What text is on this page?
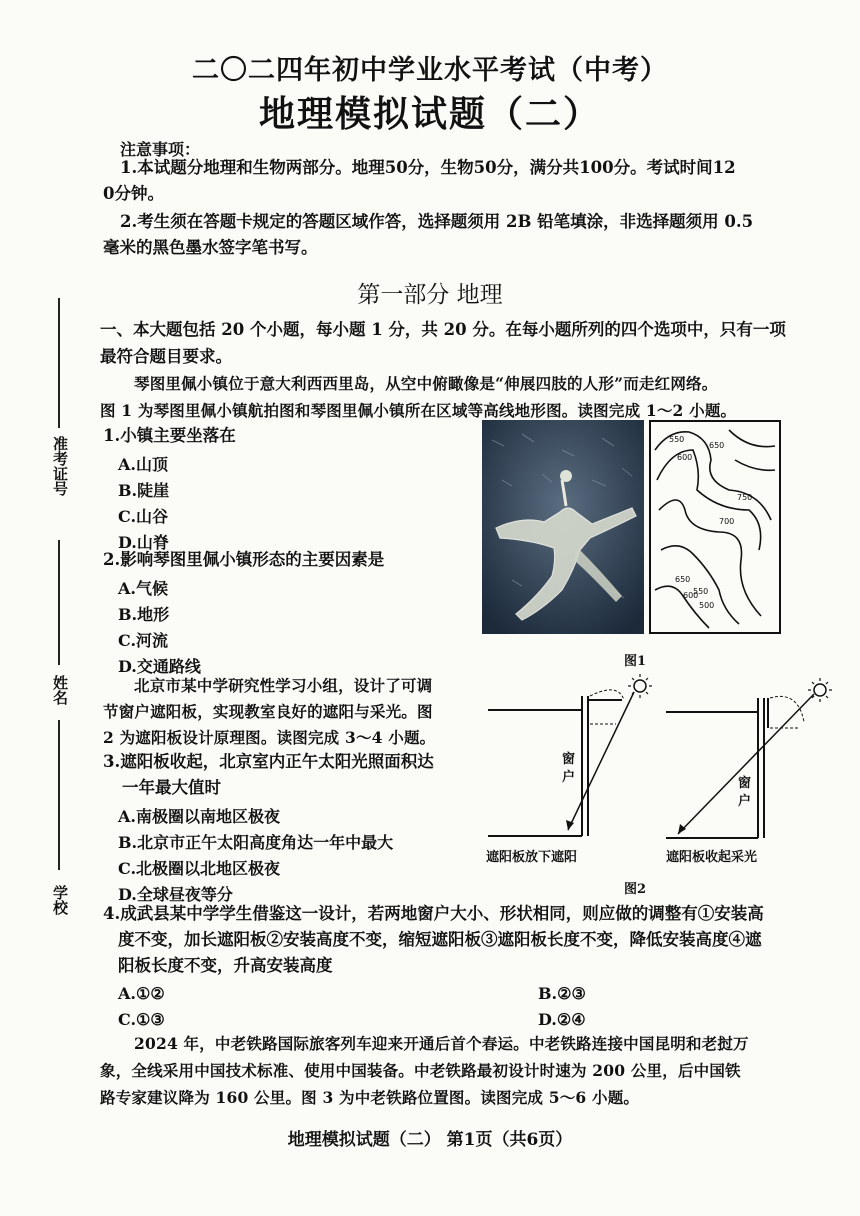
准考证号
姓名
学校
二〇二四年初中学业水平考试（中考）
地理模拟试题（二）
注意事项：
1.本试题分地理和生物两部分。地理50分，生物50分，满分共100分。考试时间12
0分钟。
2.考生须在答题卡规定的答题区域作答，选择题须用 2B 铅笔填涂，非选择题须用 0.5
毫米的黑色墨水签字笔书写。
第一部分 地理
一、本大题包括 20 个小题，每小题 1 分，共 20 分。在每小题所列的四个选项中，只有一项
最符合题目要求。
琴图里佩小镇位于意大利西西里岛，从空中俯瞰像是“伸展四肢的人形”而走红网络。
图 1 为琴图里佩小镇航拍图和琴图里佩小镇所在区域等高线地形图。读图完成 1～2 小题。
1.小镇主要坐落在
A.山顶
B.陡崖
C.山谷
D.山脊
2.影响琴图里佩小镇形态的主要因素是
A.气候
B.地形
C.河流
D.交通路线
北京市某中学研究性学习小组，设计了可调
节窗户遮阳板，实现教室良好的遮阳与采光。图
2 为遮阳板设计原理图。读图完成 3～4 小题。
3.遮阳板收起，北京室内正午太阳光照面积达
一年最大值时
A.南极圈以南地区极夜
B.北京市正午太阳高度角达一年中最大
C.北极圈以北地区极夜
D.全球昼夜等分
4.成武县某中学学生借鉴这一设计，若两地窗户大小、形状相同，则应做的调整有①安装高
度不变，加长遮阳板②安装高度不变，缩短遮阳板③遮阳板长度不变，降低安装高度④遮
阳板长度不变，升高安装高度
A.①②	B.②③
C.①③	D.②④
2024 年，中老铁路国际旅客列车迎来开通后首个春运。中老铁路连接中国昆明和老挝万
象，全线采用中国技术标准、使用中国装备。中老铁路最初设计时速为 200 公里，后中国铁
路专家建议降为 160 公里。图 3 为中老铁路位置图。读图完成 5～6 小题。
550
600
650
700
750
650
600
550
500
图1
窗
户
遮阳板放下遮阳
窗
户
遮阳板收起采光
图2
地理模拟试题（二） 第1页（共6页）
